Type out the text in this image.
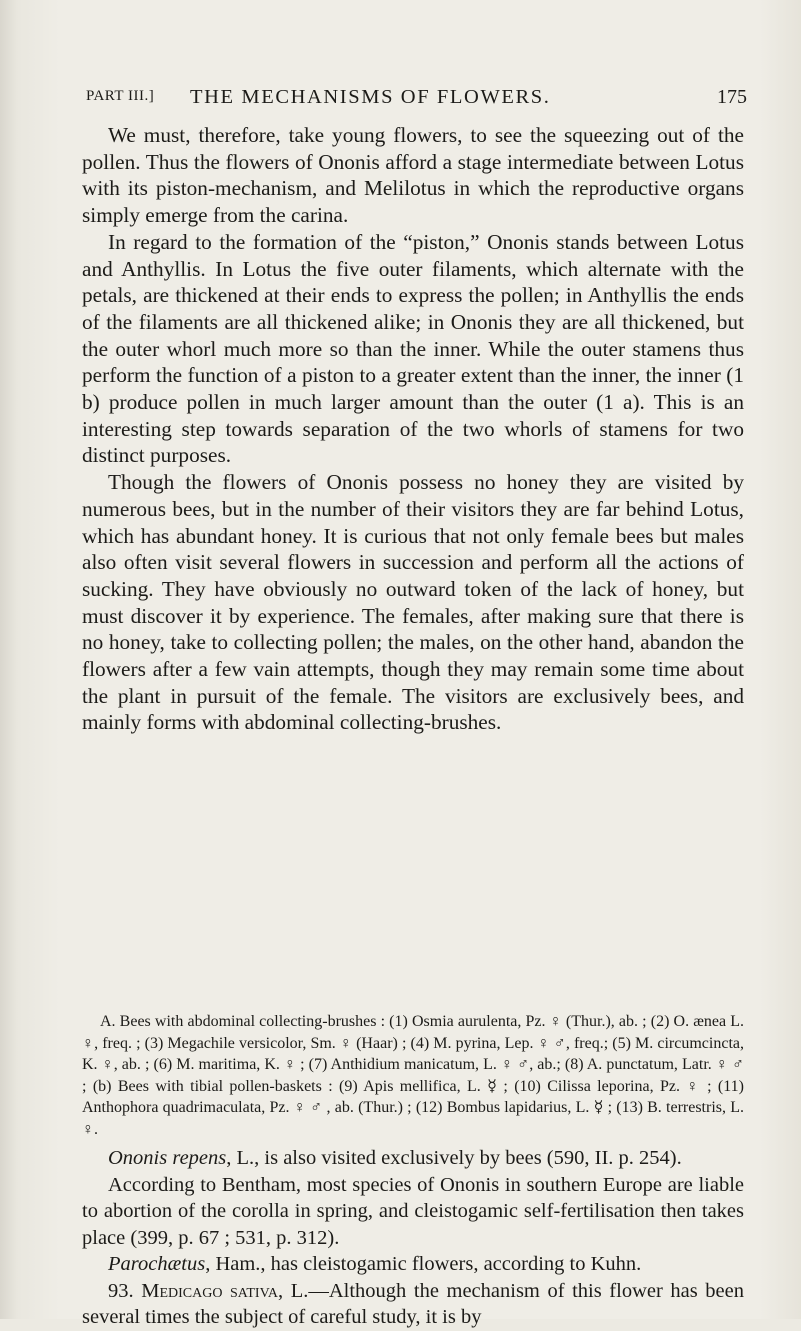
PART III.] THE MECHANISMS OF FLOWERS.	175

We must, therefore, take young flowers, to see the squeezing out of the pollen. Thus the flowers of Ononis afford a stage intermediate between Lotus with its piston-mechanism, and Melilotus in which the reproductive organs simply emerge from the carina.

In regard to the formation of the “piston,” Ononis stands between Lotus and Anthyllis. In Lotus the five outer filaments, which alternate with the petals, are thickened at their ends to express the pollen; in Anthyllis the ends of the filaments are all thickened alike; in Ononis they are all thickened, but the outer whorl much more so than the inner. While the outer stamens thus perform the function of a piston to a greater extent than the inner, the inner (1 b) produce pollen in much larger amount than the outer (1 a). This is an interesting step towards separation of the two whorls of stamens for two distinct purposes.

Though the flowers of Ononis possess no honey they are visited by numerous bees, but in the number of their visitors they are far behind Lotus, which has abundant honey. It is curious that not only female bees but males also often visit several flowers in succession and perform all the actions of sucking. They have obviously no outward token of the lack of honey, but must discover it by experience. The females, after making sure that there is no honey, take to collecting pollen; the males, on the other hand, abandon the flowers after a few vain attempts, though they may remain some time about the plant in pursuit of the female. The visitors are exclusively bees, and mainly forms with abdominal collecting-brushes.

A. Bees with abdominal collecting-brushes : (1) Osmia aurulenta, Pz. ♀ (Thur.), ab. ; (2) O. ænea L. ♀, freq. ; (3) Megachile versicolor, Sm. ♀ (Haar) ; (4) M. pyrina, Lep. ♀ ♂, freq.; (5) M. circumcincta, K. ♀, ab. ; (6) M. maritima, K. ♀ ; (7) Anthidium manicatum, L. ♀ ♂, ab.; (8) A. punctatum, Latr. ♀ ♂ ; (b) Bees with tibial pollen-baskets : (9) Apis mellifica, L. ☿ ; (10) Cilissa leporina, Pz. ♀ ; (11) Anthophora quadrimaculata, Pz. ♀ ♂ , ab. (Thur.) ; (12) Bombus lapidarius, L. ☿ ; (13) B. terrestris, L. ♀.

Ononis repens, L., is also visited exclusively by bees (590, II. p. 254).

According to Bentham, most species of Ononis in southern Europe are liable to abortion of the corolla in spring, and cleistogamic self-fertilisation then takes place (399, p. 67 ; 531, p. 312).

Parochætus, Ham., has cleistogamic flowers, according to Kuhn.

93. Medicago sativa, L.—Although the mechanism of this flower has been several times the subject of careful study, it is by
